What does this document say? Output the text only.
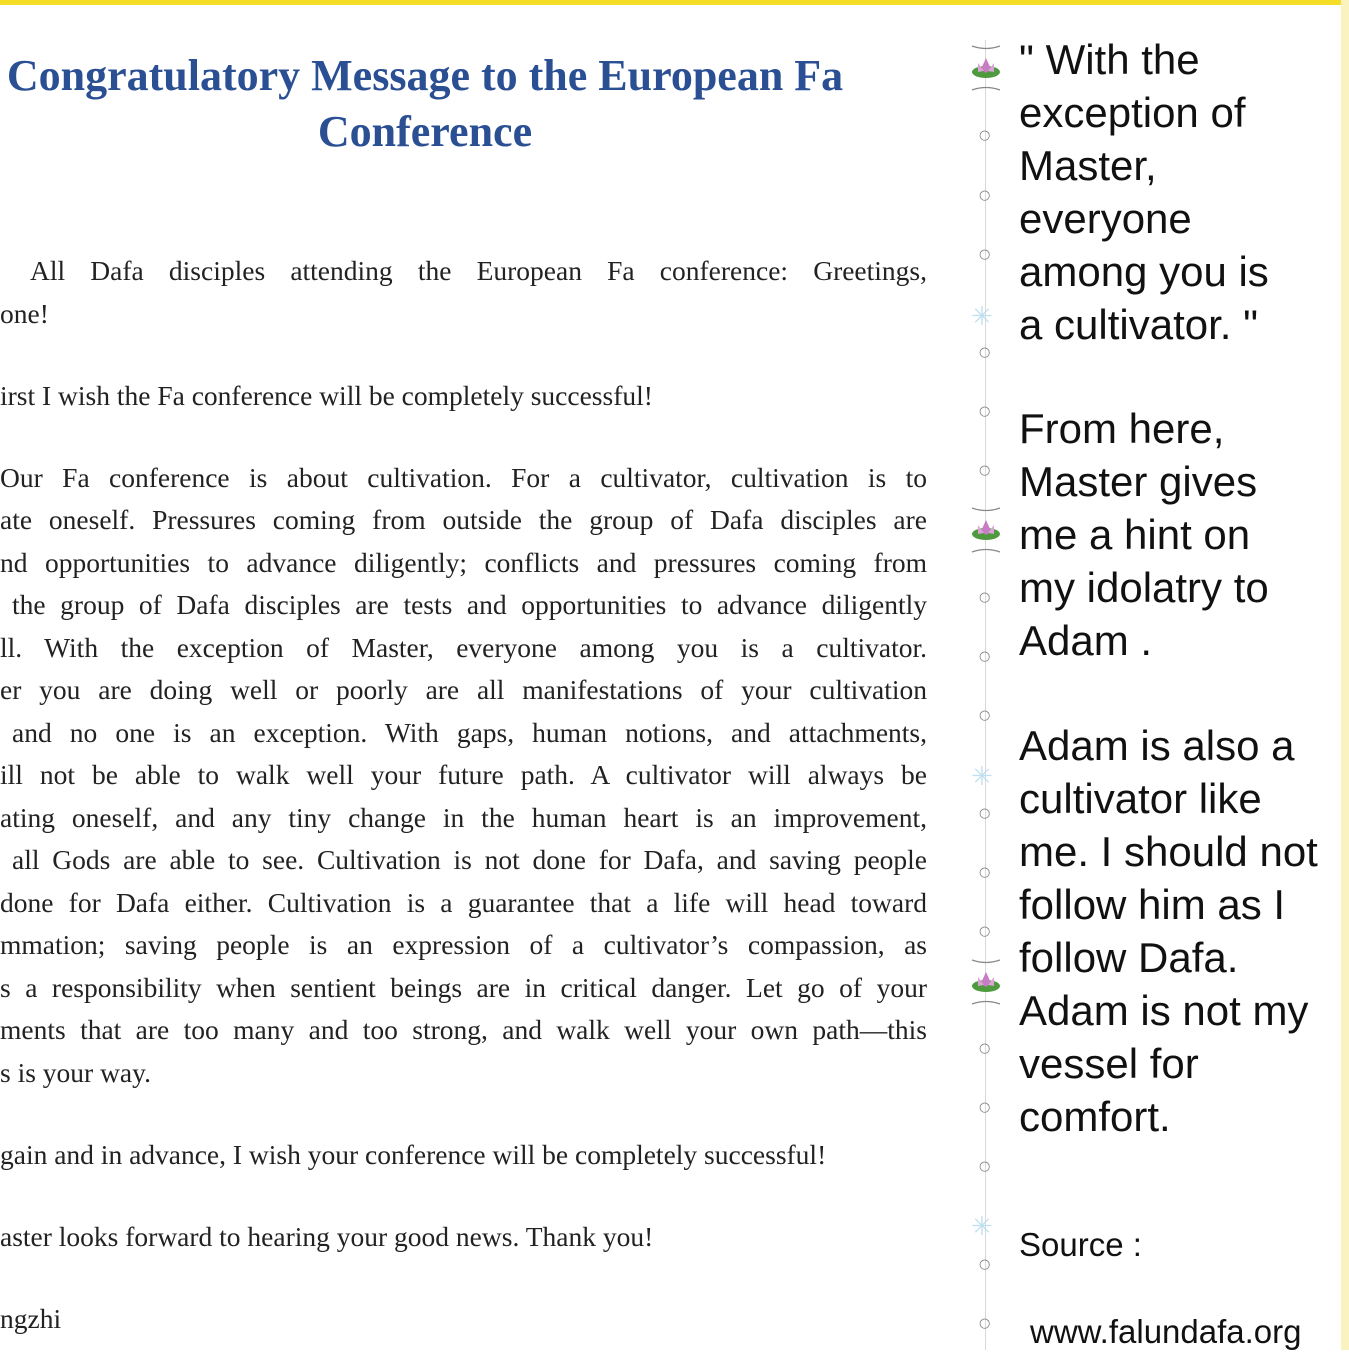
Congratulatory Message to the European Fa
Conference
All Dafa disciples attending the European Fa conference: Greetings,
one!
irst I wish the Fa conference will be completely successful!
Our Fa conference is about cultivation. For a cultivator, cultivation is to
ate oneself. Pressures coming from outside the group of Dafa disciples are
nd opportunities to advance diligently; conflicts and pressures coming from
the group of Dafa disciples are tests and opportunities to advance diligently
ll. With the exception of Master, everyone among you is a cultivator.
er you are doing well or poorly are all manifestations of your cultivation
and no one is an exception. With gaps, human notions, and attachments,
ill not be able to walk well your future path. A cultivator will always be
ating oneself, and any tiny change in the human heart is an improvement,
all Gods are able to see. Cultivation is not done for Dafa, and saving people
done for Dafa either. Cultivation is a guarantee that a life will head toward
mmation; saving people is an expression of a cultivator’s compassion, as
s a responsibility when sentient beings are in critical danger. Let go of your
ments that are too many and too strong, and walk well your own path—this
s is your way.
gain and in advance, I wish your conference will be completely successful!
aster looks forward to hearing your good news. Thank you!
ngzhi
✳
✳
✳
○
○
○
○
○
○
○
○
○
○
○
○
○
○
○
○
○
" With the
exception of
Master,
everyone
among you is
a cultivator. "
From here,
Master gives
me a hint on
my idolatry to
Adam .
Adam is also a
cultivator like
me. I should not
follow him as I
follow Dafa.
Adam is not my
vessel for
comfort.
Source :
www.falundafa.org
